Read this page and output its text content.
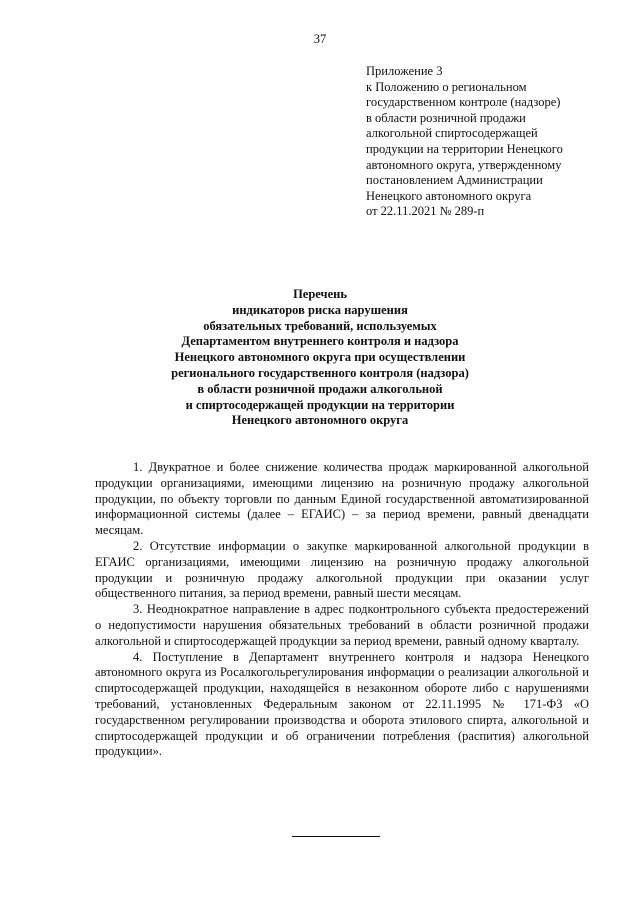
37
Приложение 3
к Положению о региональном
государственном контроле (надзоре)
в области розничной продажи
алкогольной спиртосодержащей
продукции на территории Ненецкого
автономного округа, утвержденному
постановлением Администрации
Ненецкого автономного округа
от 22.11.2021 № 289-п
Перечень
индикаторов риска нарушения
обязательных требований, используемых
Департаментом внутреннего контроля и надзора
Ненецкого автономного округа при осуществлении
регионального государственного контроля (надзора)
в области розничной продажи алкогольной
и спиртосодержащей продукции на территории
Ненецкого автономного округа

1. Двукратное и более снижение количества продаж маркированной алкогольной продукции организациями, имеющими лицензию на розничную продажу алкогольной продукции, по объекту торговли по данным Единой государственной автоматизированной информационной системы (далее – ЕГАИС) – за период времени, равный двенадцати месяцам.

2. Отсутствие информации о закупке маркированной алкогольной продукции в ЕГАИС организациями, имеющими лицензию на розничную продажу алкогольной продукции и розничную продажу алкогольной продукции при оказании услуг общественного питания, за период времени, равный шести месяцам.

3. Неоднократное направление в адрес подконтрольного субъекта предостережений о недопустимости нарушения обязательных требований в области розничной продажи алкогольной и спиртосодержащей продукции за период времени, равный одному кварталу.

4. Поступление в Департамент внутреннего контроля и надзора Ненецкого автономного округа из Росалкогольрегулирования информации о реализации алкогольной и спиртосодержащей продукции, находящейся в незаконном обороте либо с нарушениями требований, установленных Федеральным законом от 22.11.1995 № 171-ФЗ «О государственном регулировании производства и оборота этилового спирта, алкогольной и спиртосодержащей продукции и об ограничении потребления (распития) алкогольной продукции».
